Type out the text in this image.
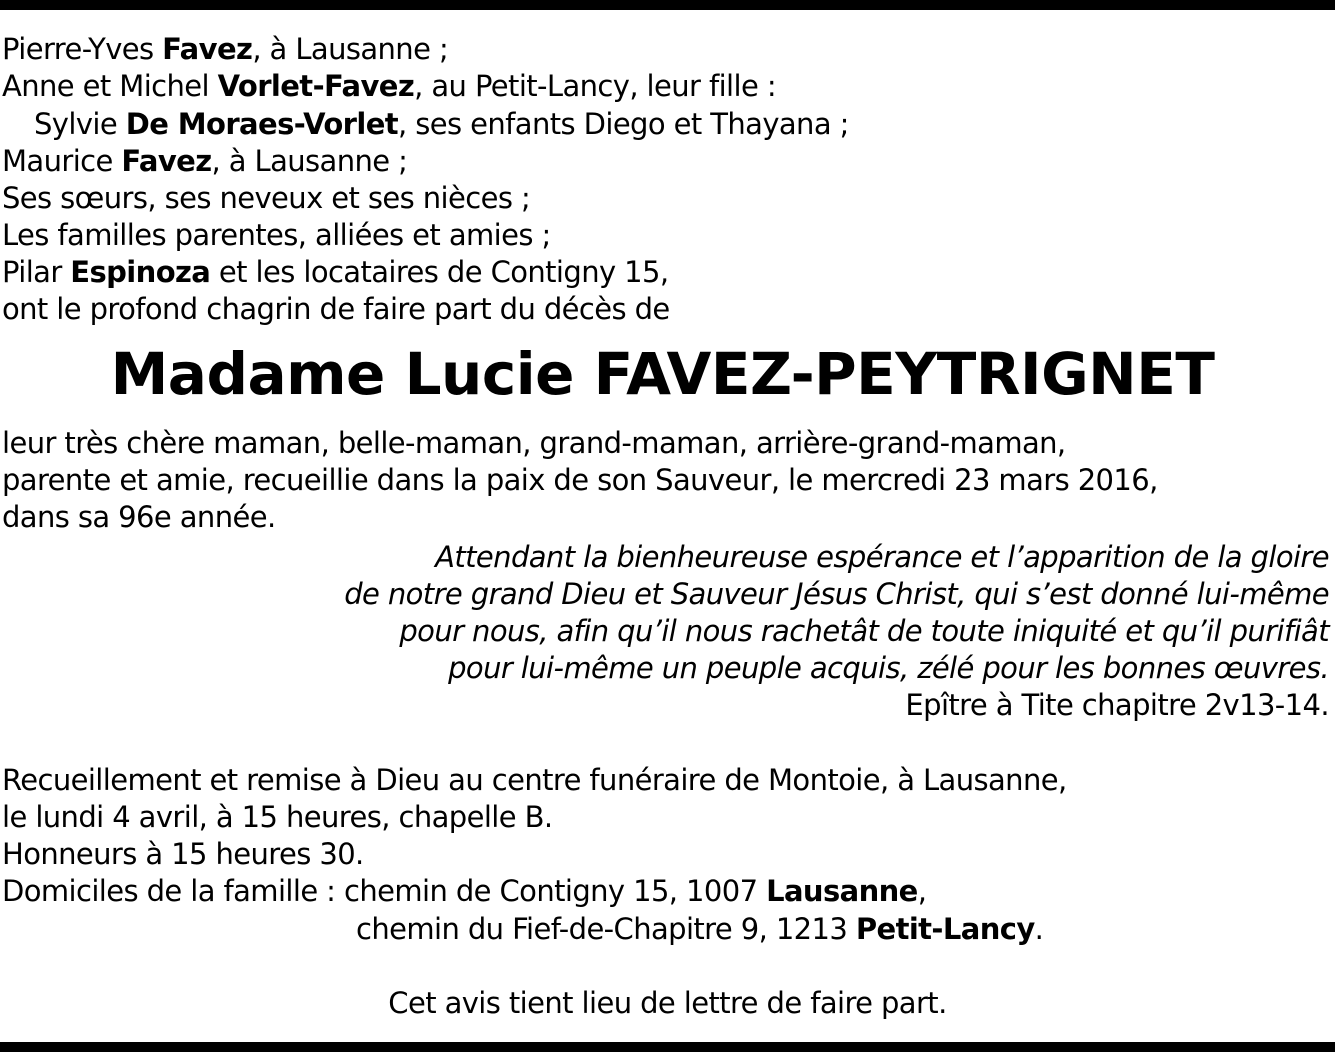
Pierre-Yves Favez, à Lausanne ;
Anne et Michel Vorlet-Favez, au Petit-Lancy, leur fille :
Sylvie De Moraes-Vorlet, ses enfants Diego et Thayana ;
Maurice Favez, à Lausanne ;
Ses sœurs, ses neveux et ses nièces ;
Les familles parentes, alliées et amies ;
Pilar Espinoza et les locataires de Contigny 15,
ont le profond chagrin de faire part du décès de
Madame Lucie FAVEZ-PEYTRIGNET
leur très chère maman, belle-maman, grand-maman, arrière-grand-maman,
parente et amie, recueillie dans la paix de son Sauveur, le mercredi 23 mars 2016,
dans sa 96e année.
Attendant la bienheureuse espérance et l’apparition de la gloire
de notre grand Dieu et Sauveur Jésus Christ, qui s’est donné lui-même
pour nous, afin qu’il nous rachetât de toute iniquité et qu’il purifiât
pour lui-même un peuple acquis, zélé pour les bonnes œuvres.
Epître à Tite chapitre 2v13-14.
Recueillement et remise à Dieu au centre funéraire de Montoie, à Lausanne,
le lundi 4 avril, à 15 heures, chapelle B.
Honneurs à 15 heures 30.
Domiciles de la famille : chemin de Contigny 15, 1007 Lausanne,
chemin du Fief-de-Chapitre 9, 1213 Petit-Lancy.
Cet avis tient lieu de lettre de faire part.
